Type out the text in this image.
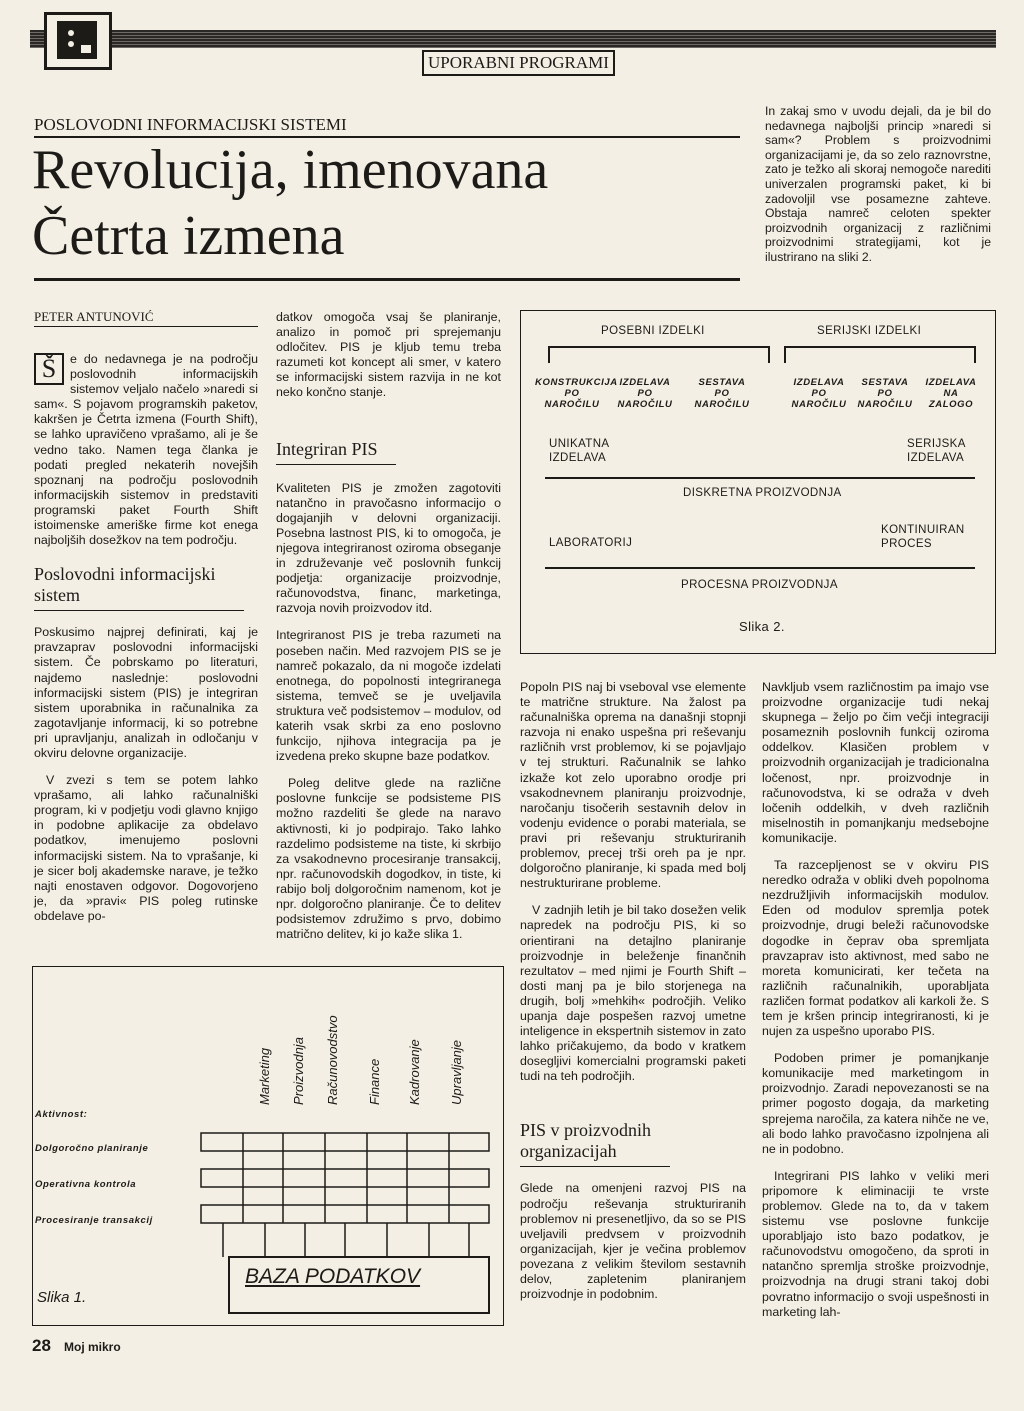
UPORABNI PROGRAMI
POSLOVODNI INFORMACIJSKI SISTEMI
Revolucija, imenovana
Četrta izmena
In zakaj smo v uvodu dejali, da je bil do nedavnega najboljši princip »naredi si sam«? Problem s proizvodnimi organizacijami je, da so zelo raznovrstne, zato je težko ali skoraj nemogoče narediti univerzalen programski paket, ki bi zadovoljil vse posamezne zahteve. Obstaja namreč celoten spekter proizvodnih organizacij z različnimi proizvodnimi strategijami, kot je ilustrirano na sliki 2.
PETER ANTUNOVIĆ
Š	e do nedavnega je na področju poslovodnih informacijskih sistemov veljalo načelo »naredi si sam«. S pojavom programskih paketov, kakršen je Četrta izmena (Fourth Shift), se lahko upravičeno vprašamo, ali je še vedno tako. Namen tega članka je podati pregled nekaterih novejših spoznanj na področju poslovodnih informacijskih sistemov in predstaviti programski paket Fourth Shift istoimenske ameriške firme kot enega najboljših dosežkov na tem področju.
Poslovodni informacijski sistem
Poskusimo najprej definirati, kaj je pravzaprav poslovodni informacijski sistem. Če pobrskamo po literaturi, najdemo naslednje: poslovodni informacijski sistem (PIS) je integriran sistem uporabnika in računalnika za zagotavljanje informacij, ki so potrebne pri upravljanju, analizah in odločanju v okviru delovne organizacije.
V zvezi s tem se potem lahko vprašamo, ali lahko računalniški program, ki v podjetju vodi glavno knjigo in podobne aplikacije za obdelavo podatkov, imenujemo poslovni informacijski sistem. Na to vprašanje, ki je sicer bolj akademske narave, je težko najti enostaven odgovor. Dogovorjeno je, da »pravi« PIS poleg rutinske obdelave po-
datkov omogoča vsaj še planiranje, analizo in pomoč pri sprejemanju odločitev. PIS je kljub temu treba razumeti kot koncept ali smer, v katero se informacijski sistem razvija in ne kot neko končno stanje.
Integriran PIS
Kvaliteten PIS je zmožen zagotoviti natančno in pravočasno informacijo o dogajanjih v delovni organizaciji. Posebna lastnost PIS, ki to omogoča, je njegova integriranost oziroma obseganje in združevanje več poslovnih funkcij podjetja: organizacije proizvodnje, računovodstva, financ, marketinga, razvoja novih proizvodov itd.
Integriranost PIS je treba razumeti na poseben način. Med razvojem PIS se je namreč pokazalo, da ni mogoče izdelati enotnega, do popolnosti integriranega sistema, temveč se je uveljavila struktura več podsistemov – modulov, od katerih vsak skrbi za eno poslovno funkcijo, njihova integracija pa je izvedena preko skupne baze podatkov.
Poleg delitve glede na različne poslovne funkcije se podsisteme PIS možno razdeliti še glede na naravo aktivnosti, ki jo podpirajo. Tako lahko razdelimo podsisteme na tiste, ki skrbijo za vsakodnevno procesiranje transakcij, npr. računovodskih dogodkov, in tiste, ki rabijo bolj dolgoročnim namenom, kot je npr. dolgoročno planiranje. Če to delitev podsistemov združimo s prvo, dobimo matrično delitev, ki jo kaže slika 1.
POSEBNI IZDELKI	SERIJSKI IZDELKI
KONSTRUKCIJA
PO
NAROČILU
IZDELAVA
PO
NAROČILU
SESTAVA
PO
NAROČILU
IZDELAVA
PO
NAROČILU
SESTAVA
PO
NAROČILU
IZDELAVA
NA
ZALOGO
UNIKATNA
IZDELAVA
SERIJSKA
IZDELAVA
DISKRETNA PROIZVODNJA
LABORATORIJ
KONTINUIRAN
PROCES
PROCESNA PROIZVODNJA
Slika 2.
Popoln PIS naj bi vseboval vse elemente te matrične strukture. Na žalost pa računalniška oprema na današnji stopnji razvoja ni enako uspešna pri reševanju različnih vrst problemov, ki se pojavljajo v tej strukturi. Računalnik se lahko izkaže kot zelo uporabno orodje pri vsakodnevnem planiranju proizvodnje, naročanju tisočerih sestavnih delov in vodenju evidence o porabi materiala, se pravi pri reševanju strukturiranih problemov, precej trši oreh pa je npr. dolgoročno planiranje, ki spada med bolj nestrukturirane probleme.
V zadnjih letih je bil tako dosežen velik napredek na področju PIS, ki so orientirani na detajlno planiranje proizvodnje in beleženje finančnih rezultatov – med njimi je Fourth Shift – dosti manj pa je bilo storjenega na drugih, bolj »mehkih« področjih. Veliko upanja daje pospešen razvoj umetne inteligence in ekspertnih sistemov in zato lahko pričakujemo, da bodo v kratkem dosegljivi komercialni programski paketi tudi na teh področjih.
PIS v proizvodnih organizacijah
Glede na omenjeni razvoj PIS na področju reševanja strukturiranih problemov ni presenetljivo, da so se PIS uveljavili predvsem v proizvodnih organizacijah, kjer je večina problemov povezana z velikim številom sestavnih delov, zapletenim planiranjem proizvodnje in podobnim.
Navkljub vsem različnostim pa imajo vse proizvodne organizacije tudi nekaj skupnega – željo po čim večji integraciji posameznih poslovnih funkcij oziroma oddelkov. Klasičen problem v proizvodnih organizacijah je tradicionalna ločenost, npr. proizvodnje in računovodstva, ki se odraža v dveh ločenih oddelkih, v dveh različnih miselnostih in pomanjkanju medsebojne komunikacije.
Ta razcepljenost se v okviru PIS neredko odraža v obliki dveh popolnoma nezdružljivih informacijskih modulov. Eden od modulov spremlja potek proizvodnje, drugi beleži računovodske dogodke in čeprav oba spremljata pravzaprav isto aktivnost, med sabo ne moreta komunicirati, ker tečeta na različnih računalnikih, uporabljata različen format podatkov ali karkoli že. S tem je kršen princip integriranosti, ki je nujen za uspešno uporabo PIS.
Podoben primer je pomanjkanje komunikacije med marketingom in proizvodnjo. Zaradi nepovezanosti se na primer pogosto dogaja, da marketing sprejema naročila, za katera nihče ne ve, ali bodo lahko pravočasno izpolnjena ali ne in podobno.
Integrirani PIS lahko v veliki meri pripomore k eliminaciji te vrste problemov. Glede na to, da v takem sistemu vse poslovne funkcije uporabljajo isto bazo podatkov, je računovodstvu omogočeno, da sproti in natančno spremlja stroške proizvodnje, proizvodnja na drugi strani takoj dobi povratno informacijo o svoji uspešnosti in marketing lah-
Marketing Proizvodnja Računovodstvo Finance Kadrovanje Upravljanje
Aktivnost:
Dolgoročno planiranje
Operativna kontrola
Procesiranje transakcij
BAZA PODATKOV
Slika 1.
28 Moj mikro
